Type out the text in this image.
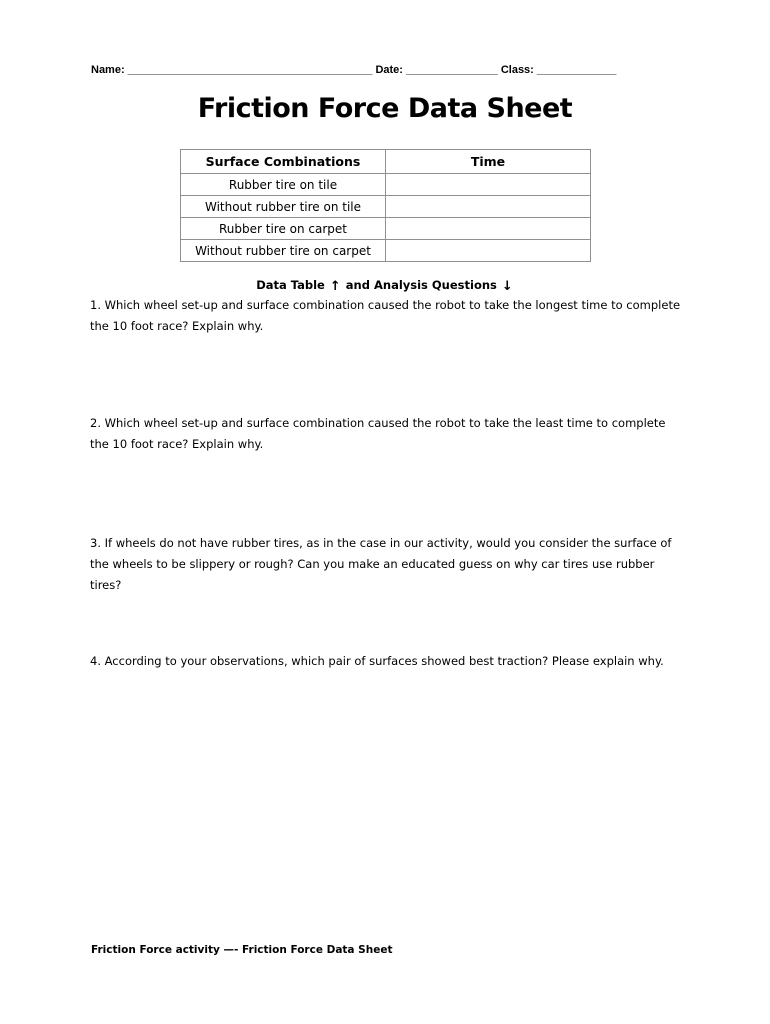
Name: ________________________________________ Date: _______________ Class: _____________
Friction Force Data Sheet
Surface Combinations	Time
Rubber tire on tile	
Without rubber tire on tile	
Rubber tire on carpet	
Without rubber tire on carpet	
Data Table ↑ and Analysis Questions ↓
1. Which wheel set-up and surface combination caused the robot to take the longest time to complete the 10 foot race? Explain why.
2. Which wheel set-up and surface combination caused the robot to take the least time to complete the 10 foot race? Explain why.
3. If wheels do not have rubber tires, as in the case in our activity, would you consider the surface of the wheels to be slippery or rough? Can you make an educated guess on why car tires use rubber tires?
4. According to your observations, which pair of surfaces showed best traction? Please explain why.
Friction Force activity —- Friction Force Data Sheet
